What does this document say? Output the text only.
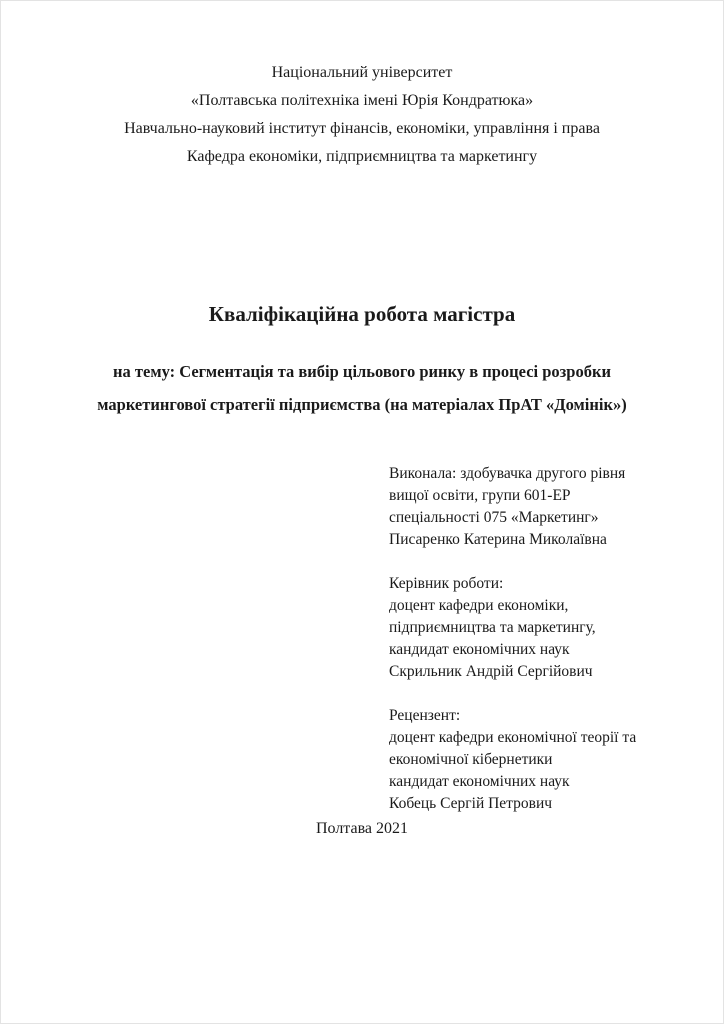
Національний університет

«Полтавська політехніка імені Юрія Кондратюка»

Навчально-науковий інститут фінансів, економіки, управління і права

Кафедра економіки, підприємництва та маркетингу

Кваліфікаційна робота магістра

на тему: Сегментація та вибір цільового ринку в процесі розробки

маркетингової стратегії підприємства (на матеріалах ПрАТ «Домінік»)

Виконала: здобувачка другого рівня

вищої освіти, групи 601-ЕР

спеціальності 075 «Маркетинг»

Писаренко Катерина Миколаївна

Керівник роботи:

доцент кафедри економіки,

підприємництва та маркетингу,

кандидат економічних наук

Скрильник Андрій Сергійович

Рецензент:

доцент кафедри економічної теорії та

економічної кібернетики

кандидат економічних наук

Кобець Сергій Петрович

Полтава 2021
